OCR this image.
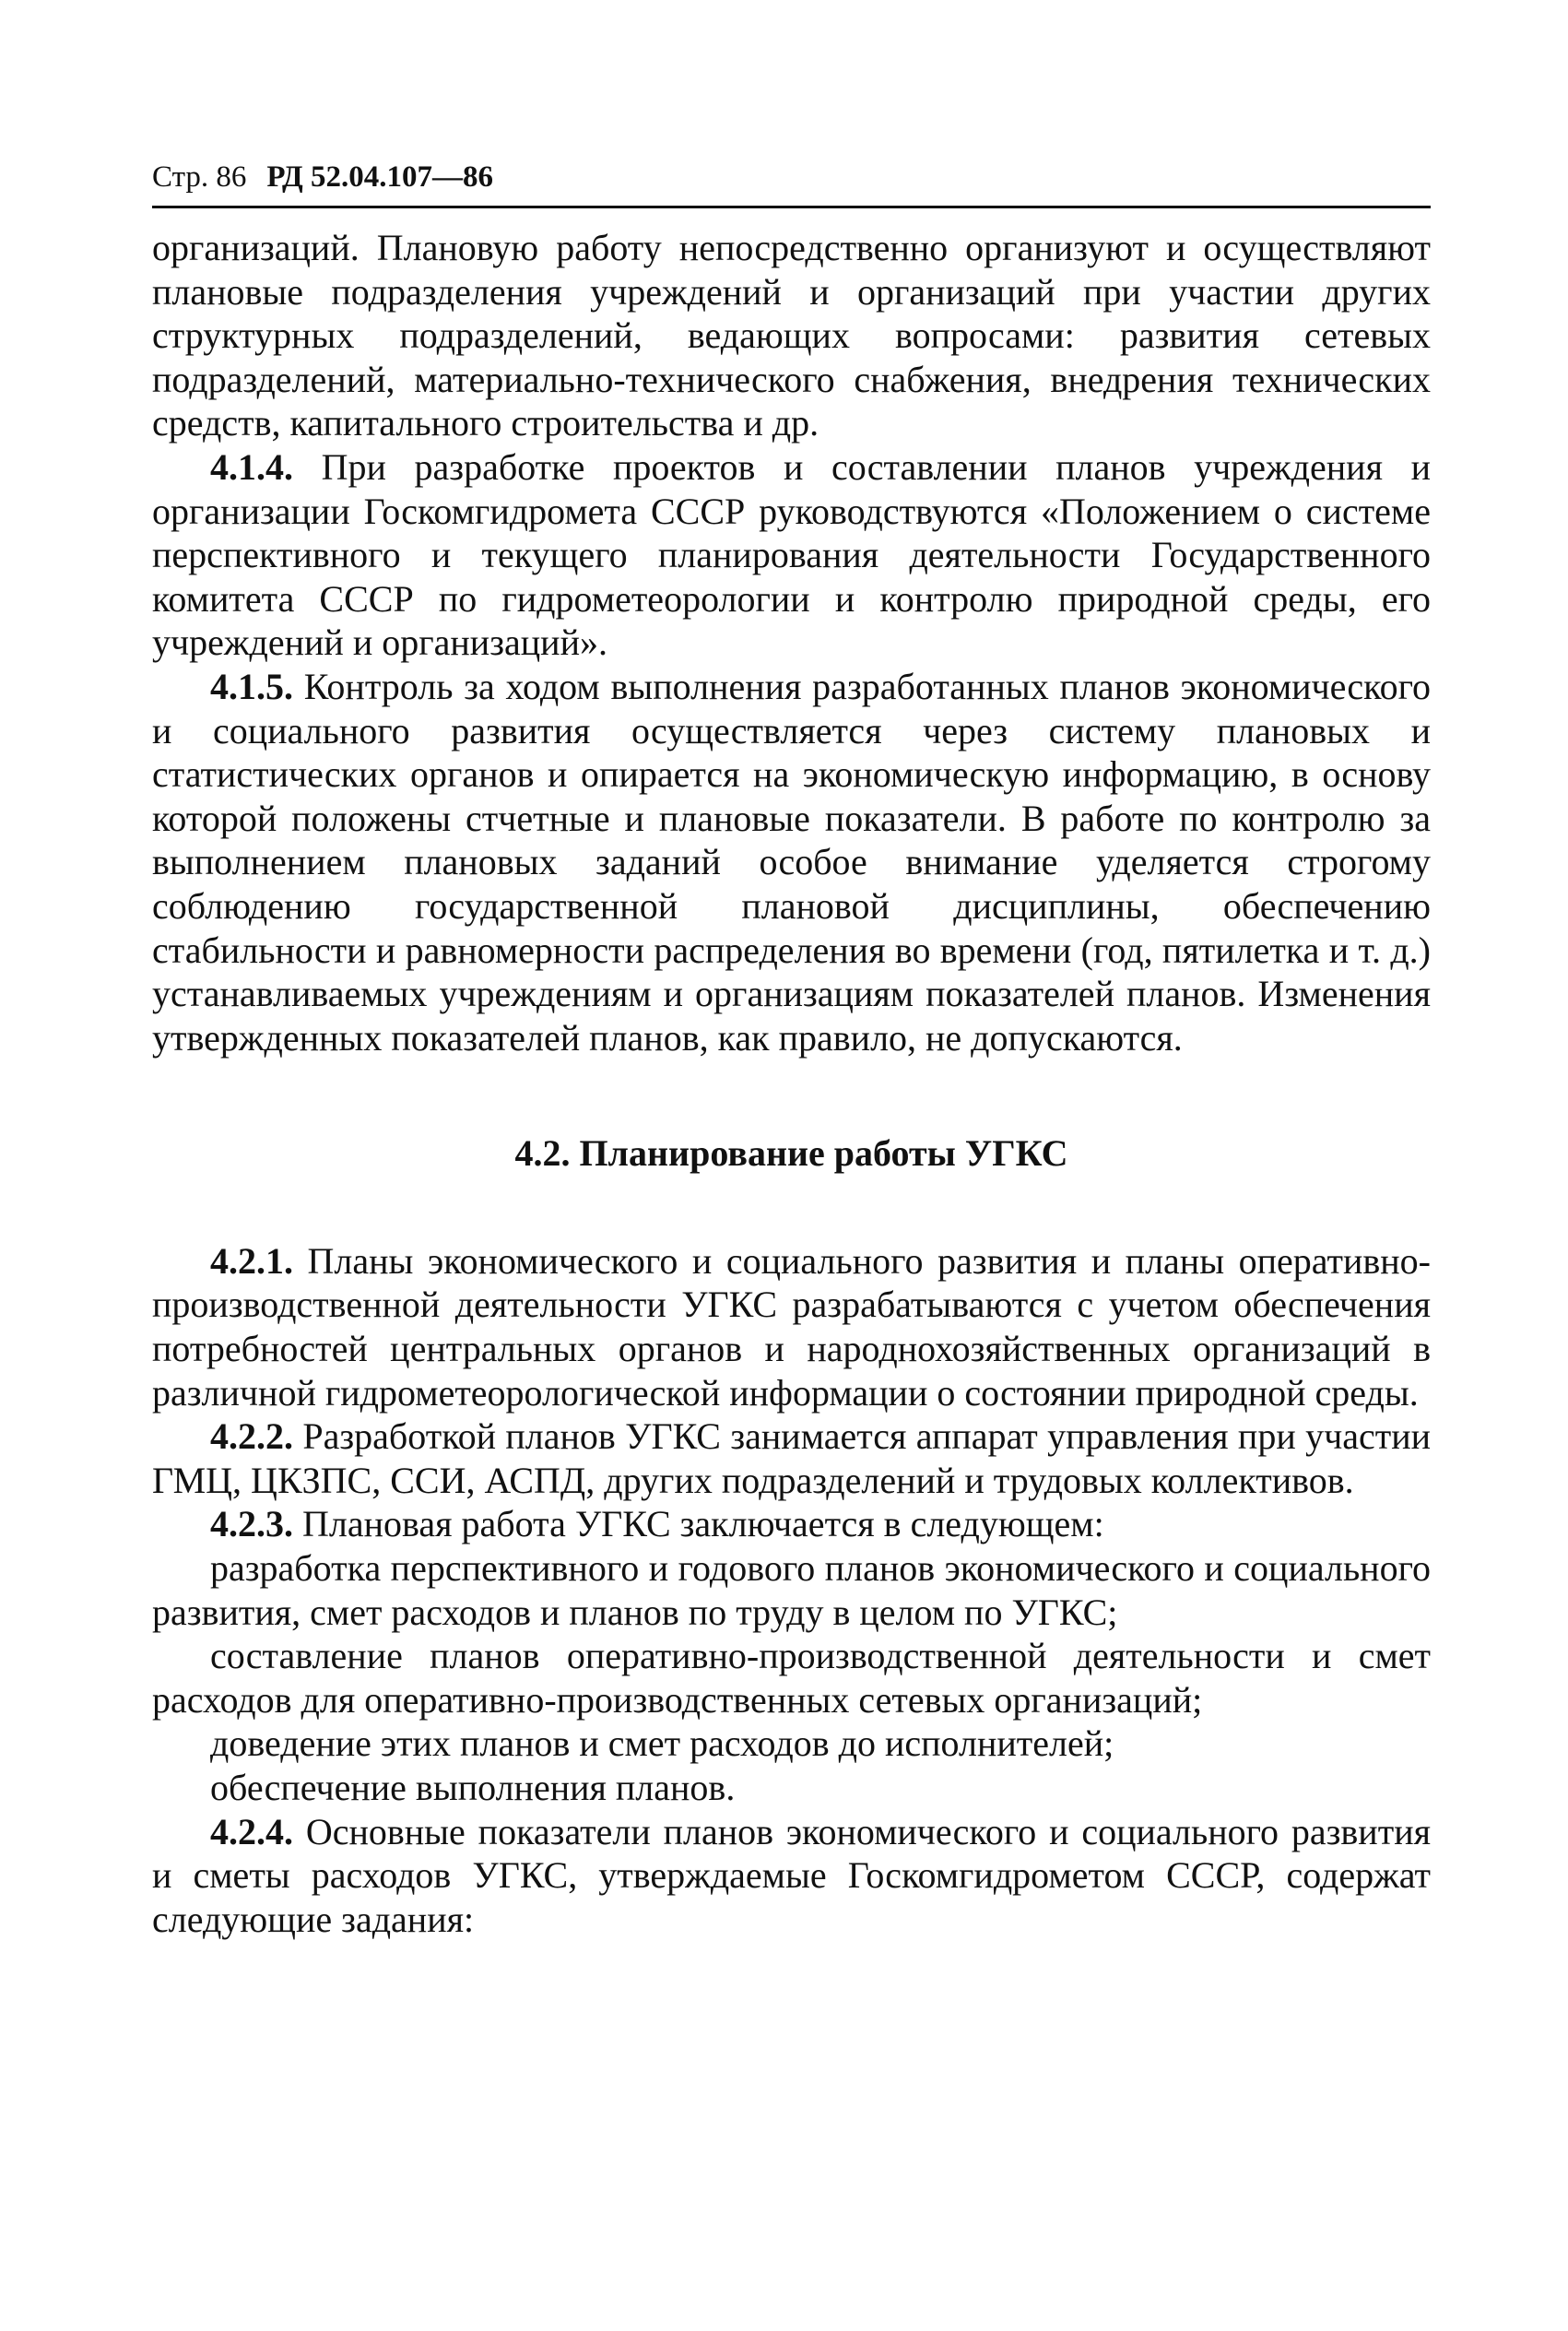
Стр. 86 РД 52.04.107—86

организаций. Плановую работу непосредственно организуют и осуществляют плановые подразделения учреждений и организаций при участии других структурных подразделений, ведающих вопросами: развития сетевых подразделений, материально-технического снабжения, внедрения технических средств, капитального строительства и др.

4.1.4. При разработке проектов и составлении планов учреждения и организации Госкомгидромета СССР руководствуются «Положением о системе перспективного и текущего планирования деятельности Государственного комитета СССР по гидрометеорологии и контролю природной среды, его учреждений и организаций».

4.1.5. Контроль за ходом выполнения разработанных планов экономического и социального развития осуществляется через систему плановых и статистических органов и опирается на экономическую информацию, в основу которой положены стчетные и плановые показатели. В работе по контролю за выполнением плановых заданий особое внимание уделяется строгому соблюдению государственной плановой дисциплины, обеспечению стабильности и равномерности распределения во времени (год, пятилетка и т. д.) устанавливаемых учреждениям и организациям показателей планов. Изменения утвержденных показателей планов, как правило, не допускаются.

4.2. Планирование работы УГКС

4.2.1. Планы экономического и социального развития и планы оперативно-производственной деятельности УГКС разрабатываются с учетом обеспечения потребностей центральных органов и народнохозяйственных организаций в различной гидрометеорологической информации о состоянии природной среды.

4.2.2. Разработкой планов УГКС занимается аппарат управления при участии ГМЦ, ЦКЗПС, ССИ, АСПД, других подразделений и трудовых коллективов.

4.2.3. Плановая работа УГКС заключается в следующем:

разработка перспективного и годового планов экономического и социального развития, смет расходов и планов по труду в целом по УГКС;

составление планов оперативно-производственной деятельности и смет расходов для оперативно-производственных сетевых организаций;

доведение этих планов и смет расходов до исполнителей;

обеспечение выполнения планов.

4.2.4. Основные показатели планов экономического и социального развития и сметы расходов УГКС, утверждаемые Госкомгидрометом СССР, содержат следующие задания:
